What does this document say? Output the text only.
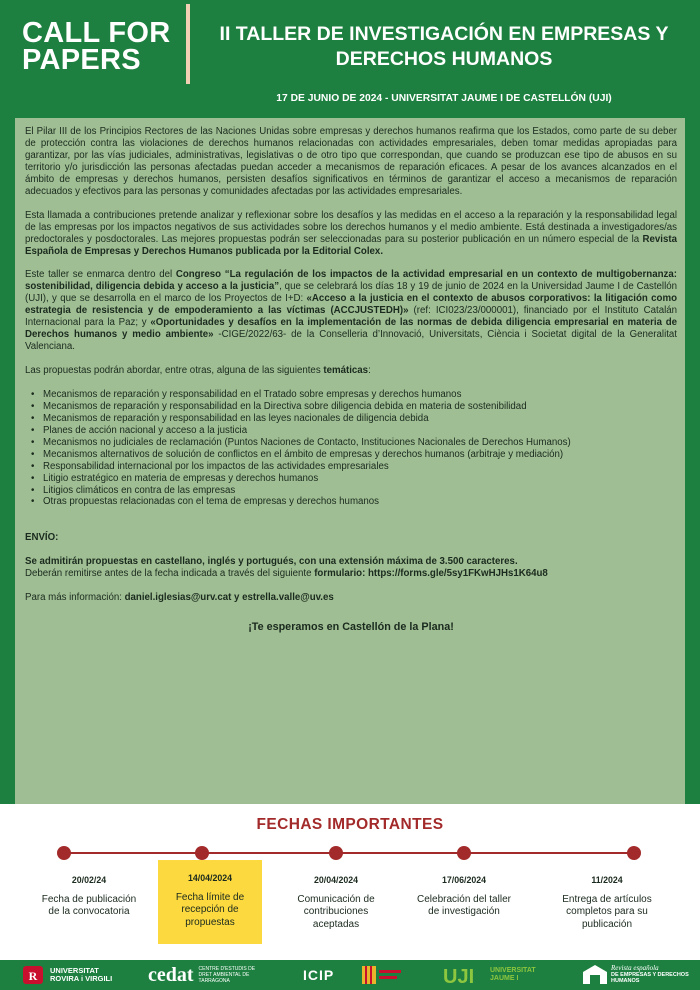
CALL FOR PAPERS
II TALLER DE INVESTIGACIÓN EN EMPRESAS Y DERECHOS HUMANOS
17 DE JUNIO DE 2024 - UNIVERSITAT JAUME I DE CASTELLÓN (UJI)

El Pilar III de los Principios Rectores de las Naciones Unidas sobre empresas y derechos humanos reafirma que los Estados, como parte de su deber de protección contra las violaciones de derechos humanos relacionadas con actividades empresariales, deben tomar medidas apropiadas para garantizar, por las vías judiciales, administrativas, legislativas o de otro tipo que correspondan, que cuando se produzcan ese tipo de abusos en su territorio y/o jurisdicción las personas afectadas puedan acceder a mecanismos de reparación eficaces. A pesar de los avances alcanzados en el ámbito de empresas y derechos humanos, persisten desafíos significativos en términos de garantizar el acceso a mecanismos de reparación adecuados y efectivos para las personas y comunidades afectadas por las actividades empresariales.

Esta llamada a contribuciones pretende analizar y reflexionar sobre los desafíos y las medidas en el acceso a la reparación y la responsabilidad legal de las empresas por los impactos negativos de sus actividades sobre los derechos humanos y el medio ambiente. Está destinada a investigadores/as predoctorales y posdoctorales. Las mejores propuestas podrán ser seleccionadas para su posterior publicación en un número especial de la Revista Española de Empresas y Derechos Humanos publicada por la Editorial Colex.

Este taller se enmarca dentro del Congreso “La regulación de los impactos de la actividad empresarial en un contexto de multigobernanza: sostenibilidad, diligencia debida y acceso a la justicia”, que se celebrará los días 18 y 19 de junio de 2024 en la Universidad Jaume I de Castellón (UJI), y que se desarrolla en el marco de los Proyectos de I+D: «Acceso a la justicia en el contexto de abusos corporativos: la litigación como estrategia de resistencia y de empoderamiento a las víctimas (ACCJUSTEDH)» (ref: ICI023/23/000001), financiado por el Instituto Catalán Internacional para la Paz; y «Oportunidades y desafíos en la implementación de las normas de debida diligencia empresarial en materia de Derechos humanos y medio ambiente» -CIGE/2022/63- de la Conselleria d’Innovació, Universitats, Ciència i Societat digital de la Generalitat Valenciana.

Las propuestas podrán abordar, entre otras, alguna de las siguientes temáticas:

• Mecanismos de reparación y responsabilidad en el Tratado sobre empresas y derechos humanos
• Mecanismos de reparación y responsabilidad en la Directiva sobre diligencia debida en materia de sostenibilidad
• Mecanismos de reparación y responsabilidad en las leyes nacionales de diligencia debida
• Planes de acción nacional y acceso a la justicia
• Mecanismos no judiciales de reclamación (Puntos Naciones de Contacto, Instituciones Nacionales de Derechos Humanos)
• Mecanismos alternativos de solución de conflictos en el ámbito de empresas y derechos humanos (arbitraje y mediación)
• Responsabilidad internacional por los impactos de las actividades empresariales
• Litigio estratégico en materia de empresas y derechos humanos
• Litigios climáticos en contra de las empresas
• Otras propuestas relacionadas con el tema de empresas y derechos humanos
ENVÍO:
Se admitirán propuestas en castellano, inglés y portugués, con una extensión máxima de 3.500 caracteres.
Deberán remitirse antes de la fecha indicada a través del siguiente formulario: https://forms.gle/5sy1FKwHJHs1K64u8
Para más información: daniel.iglesias@urv.cat y estrella.valle@uv.es
¡Te esperamos en Castellón de la Plana!
FECHAS IMPORTANTES
20/02/24
Fecha de publicación de la convocatoria
14/04/2024
Fecha límite de recepción de propuestas
20/04/2024
Comunicación de contribuciones aceptadas
17/06/2024
Celebración del taller de investigación
11/2024
Entrega de artículos completos para su publicación
R UNIVERSITAT ROVIRA i VIRGILI	cedat CENTRE D'ESTUDIS DE DRET AMBIENTAL DE TARRAGONA	ICIP	UJI UNIVERSITAT JAUME I
Revista española
DE EMPRESAS Y DERECHOS HUMANOS
